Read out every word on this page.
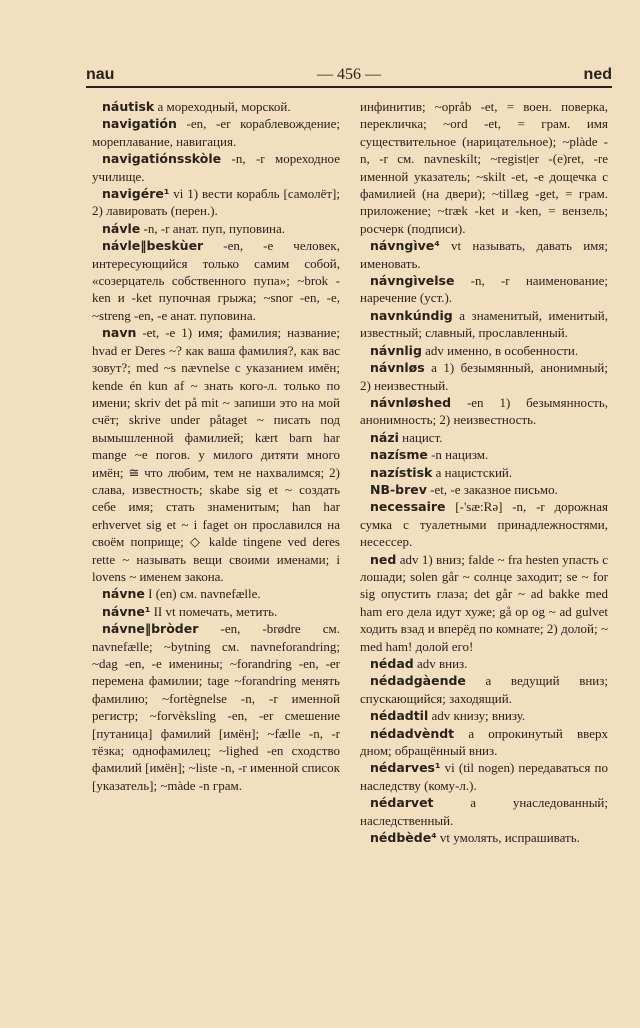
nau	— 456 —	ned

náutisk a мореходный, морской.

navigatión -en, -er кораблевождение; мореплавание, навигация.

navigatiónsskòle -n, -r мореходное училище.

navigére¹ vi 1) вести корабль [самолёт]; 2) лавировать (перен.).

návle -n, -r анат. пуп, пуповина.

návle‖beskùer -en, -e человек, интересующийся только самим собой, «созерцатель собственного пупа»; ~brok -ken и -ket пупочная грыжа; ~snor -en, -e, ~streng -en, -e анат. пуповина.

navn -et, -e 1) имя; фамилия; название; hvad er Deres ~? как ваша фамилия?, как вас зовут?; med ~s nævnelse с указанием имён; kende én kun af ~ знать кого-л. только по имени; skriv det på mit ~ запиши это на мой счёт; skrive under påtaget ~ писать под вымышленной фамилией; kært barn har mange ~e погов. у милого дитяти много имён; ≅ что любим, тем не нахвалимся; 2) слава, известность; skabe sig et ~ создать себе имя; стать знаменитым; han har erhvervet sig et ~ i faget он прославился на своём поприще; ◇ kalde tingene ved deres rette ~ называть вещи своими именами; i lovens ~ именем закона.

návne I (en) см. navnefælle.

návne¹ II vt помечать, метить.

návne‖bròder -en, -brødre см. navnefælle; ~bytning см. navneforandring; ~dag -en, -e именины; ~forandring -en, -er перемена фамилии; tage ~forandring менять фамилию; ~fortègnelse -n, -r именной регистр; ~forvèksling -en, -er смешение [путаница] фамилий [имён]; ~fælle -n, -r тёзка; однофамилец; ~lighed -en сходство фамилий [имён]; ~liste -n, -r именной список [указатель]; ~màde -n грам.

инфинитив; ~opråb -et, = воен. поверка, перекличка; ~ord -et, = грам. имя существительное (нарицательное); ~plàde -n, -r см. navneskilt; ~regist|er -(e)ret, -re именной указатель; ~skilt -et, -e дощечка с фамилией (на двери); ~tillæg -get, = грам. приложение; ~træk -ket и -ken, = вензель; росчерк (подписи).

návngìve⁴ vt называть, давать имя; именовать.

návngìvelse -n, -r наименование; наречение (уст.).

navnkúndig a знаменитый, именитый, известный; славный, прославленный.

návnlig adv именно, в особенности.

návnløs a 1) безымянный, анонимный; 2) неизвестный.

návnløshed -en 1) безымянность, анонимность; 2) неизвестность.

názi нацист.

nazísme -n нацизм.

nazístisk a нацистский.

NB-brev -et, -e заказное письмо.

necessaire [-'sæ:Rə] -n, -r дорожная сумка с туалетными принадлежностями, несессер.

ned adv 1) вниз; falde ~ fra hesten упасть с лошади; solen går ~ солнце заходит; se ~ for sig опустить глаза; det går ~ ad bakke med ham его дела идут хуже; gå op og ~ ad gulvet ходить взад и вперёд по комнате; 2) долой; ~ med ham! долой его!

nédad adv вниз.

nédadgàende a ведущий вниз; спускающийся; заходящий.

nédadtil adv книзу; внизу.

nédadvèndt a опрокинутый вверх дном; обращённый вниз.

nédarves¹ vi (til nogen) передаваться по наследству (кому-л.).

nédarvet a унаследованный; наследственный.

nédbède⁴ vt умолять, испрашивать.
